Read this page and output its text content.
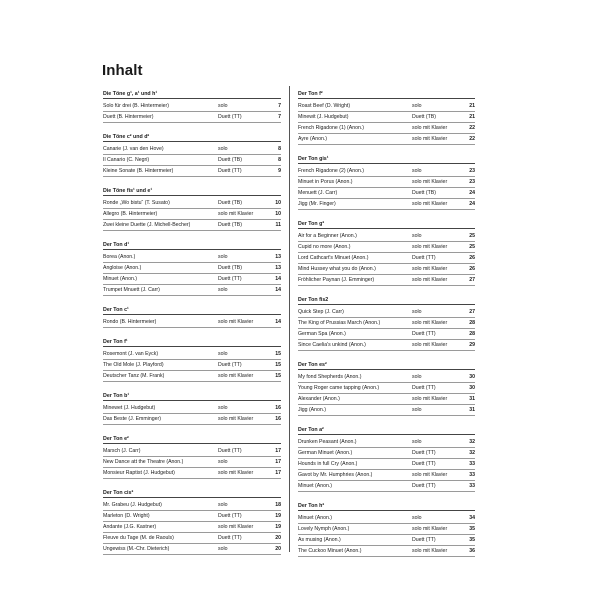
Inhalt
Die Töne g¹, a¹ und h¹
Solo für drei (B. Hintermeier)	solo	7
Duett (B. Hintermeier)	Duett (TT)	7
Die Töne c² und d²
Canarie (J. van den Hove)	solo	8
Il Canario (C. Negri)	Duett (TB)	8
Kleine Sonate (B. Hintermeier)	Duett (TT)	9
Die Töne fis¹ und e¹
Ronde „Wo bistu“ (T. Susato)	Duett (TB)	10
Allegro (B. Hintermeier)	solo mit Klavier	10
Zwei kleine Duette (J. Michell-Becher)	Duett (TB)	11
Der Ton d¹
Borea (Anon.)	solo	13
Angloise (Anon.)	Duett (TB)	13
Minuet (Anon.)	Duett (TT)	14
Trumpet Mnuett (J. Carr)	solo	14
Der Ton c¹
Rondo (B. Hintermeier)	solo mit Klavier	14
Der Ton f¹
Rosemont (J. van Eyck)	solo	15
The Old Mole (J. Playford)	Duett (TT)	15
Deutscher Tanz (M. Frank)	solo mit Klavier	15
Der Ton b¹
Minewet (J. Hudgebut)	solo	16
Das Beste (J. Emminger)	solo mit Klavier	16
Der Ton e²
Marsch (J. Carr)	Duett (TT)	17
New Dance att the Theatre (Anon.)	solo	17
Monsieur Raptist (J. Hudgebut)	solo mit Klavier	17
Der Ton cis²
Mr. Grabeu (J. Hudgebut)	solo	18
Marleton (D. Wright)	Duett (TT)	19
Andante (J.G. Kastner)	solo mit Klavier	19
Fleuve du Tage (M. de Raouls)	Duett (TT)	20
Ungewiss (M.-Chr. Dieterich)	solo	20
Der Ton f²
Roast Beef (D. Wright)	solo	21
Minewit (J. Hudgebut)	Duett (TB)	21
French Rigadone (1) (Anon.)	solo mit Klavier	22
Ayre (Anon.)	solo mit Klavier	22
Der Ton gis¹
French Rigadone (2) (Anon.)	solo	23
Minuet in Porus (Anon.)	solo mit Klavier	23
Menuett (J. Carr)	Duett (TB)	24
Jigg (Mr. Finger)	solo mit Klavier	24
Der Ton g²
Air for a Beginner (Anon.)	solo	25
Cupid no more (Anon.)	solo mit Klavier	25
Lord Cathcart's Minuet (Anon.)	Duett (TT)	26
Mind Hussey what you do (Anon.)	solo mit Klavier	26
Fröhlicher Paynan (J. Emminger)	solo mit Klavier	27
Der Ton fis2
Quick Step (J. Carr)	solo	27
The King of Prussias March (Anon.)	solo mit Klavier	28
German Spa (Anon.)	Duett (TT)	28
Since Caelia's unkind (Anon.)	solo mit Klavier	29
Der Ton es²
My fond Shepherds (Anon.)	solo	30
Young Roger came tapping (Anon.)	Duett (TT)	30
Alexander (Anon.)	solo mit Klavier	31
Jigg (Anon.)	solo	31
Der Ton a²
Drunken Peasant (Anon.)	solo	32
German Minuet (Anon.)	Duett (TT)	32
Hounds in full Cry (Anon.)	Duett (TT)	33
Gavot by Mr. Humphries (Anon.)	solo mit Klavier	33
Minuet (Anon.)	Duett (TT)	33
Der Ton h²
Minuet (Anon.)	solo	34
Lovely Nymph (Anon.)	solo mit Klavier	35
As musing (Anon.)	Duett (TT)	35
The Cuckoo Minuet (Anon.)	solo mit Klavier	36
